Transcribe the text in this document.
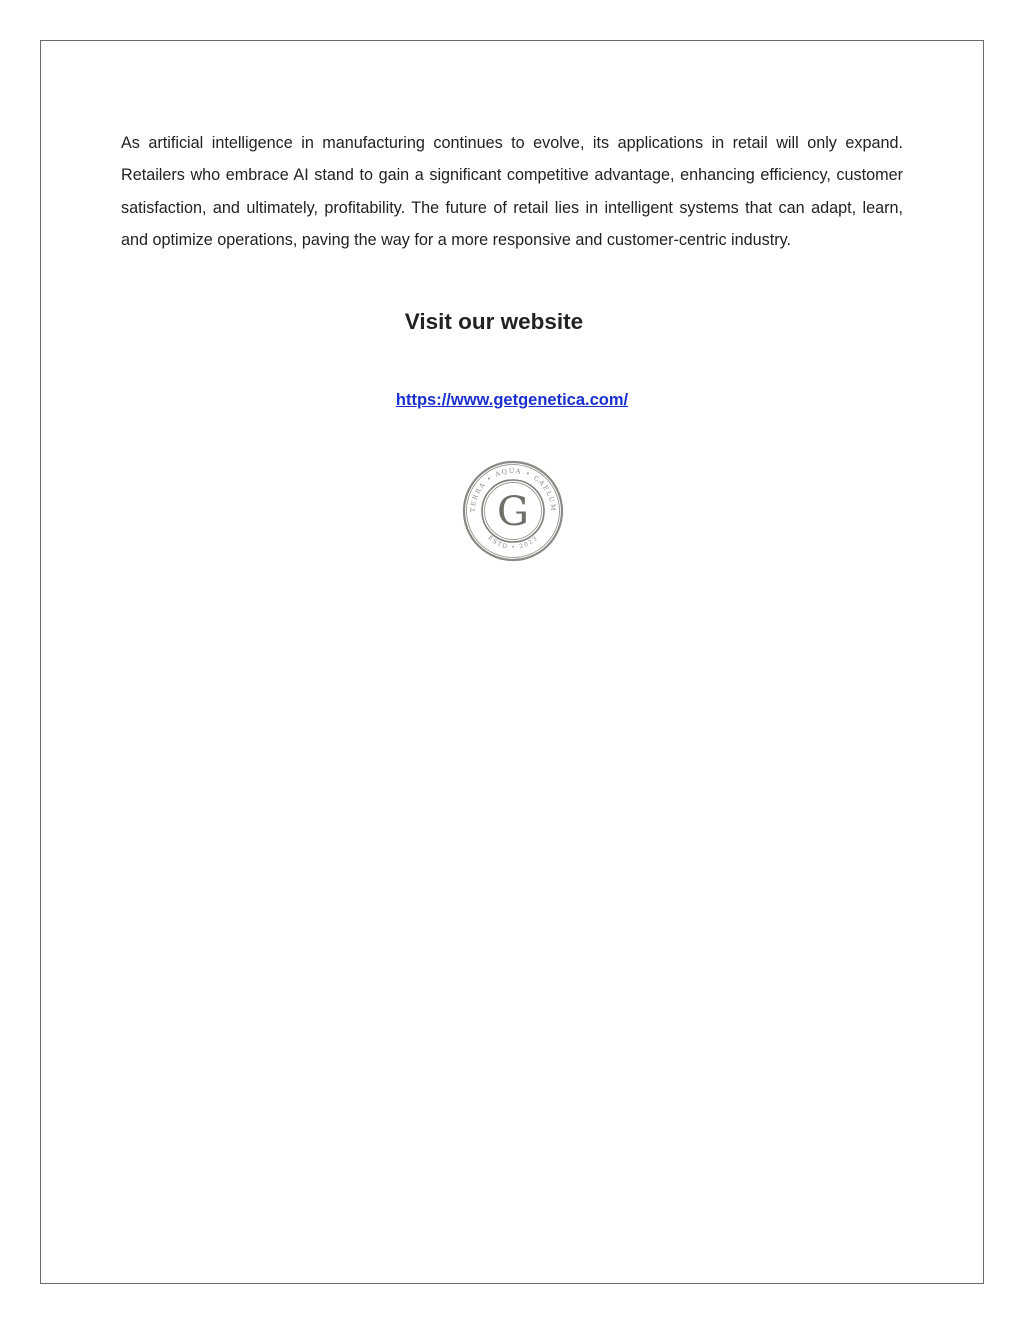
As artificial intelligence in manufacturing continues to evolve, its applications in retail will only expand. Retailers who embrace AI stand to gain a significant competitive advantage, enhancing efficiency, customer satisfaction, and ultimately, profitability. The future of retail lies in intelligent systems that can adapt, learn, and optimize operations, paving the way for a more responsive and customer-centric industry.

Visit our website
https://www.getgenetica.com/
TERRA • AQUA • CAELUM
ESTD • 2023
G
